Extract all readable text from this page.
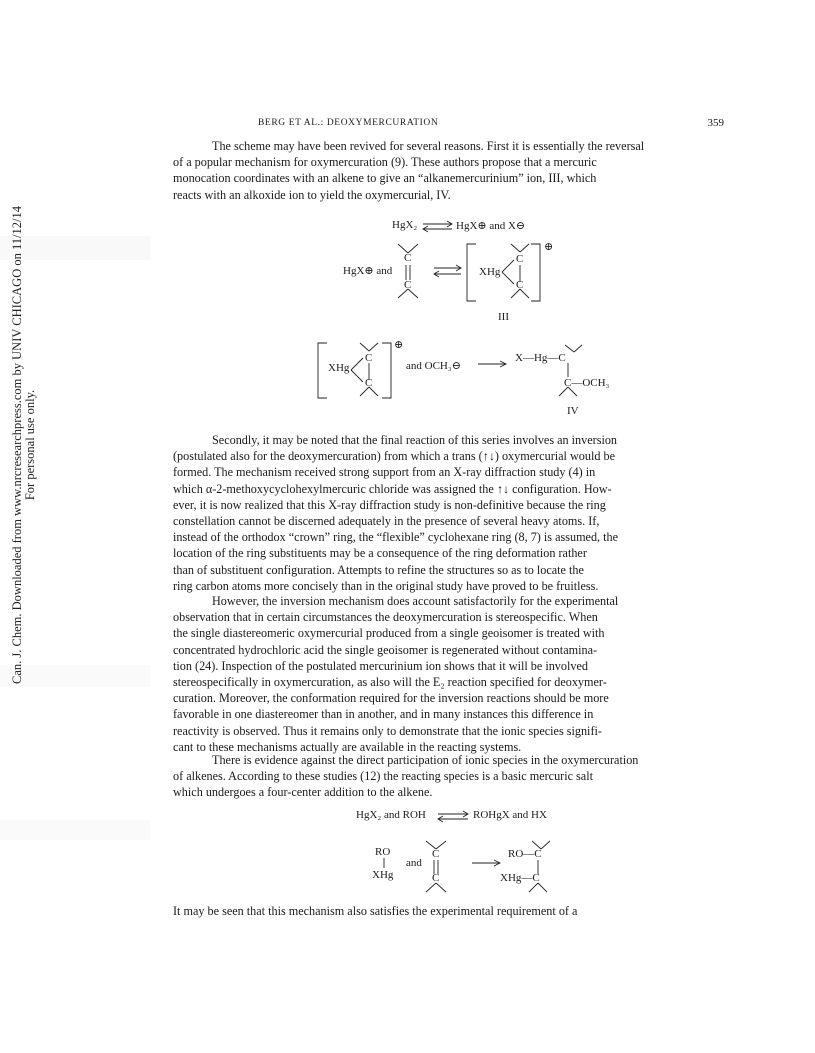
Can. J. Chem. Downloaded from www.nrcresearchpress.com by UNIV CHICAGO on 11/12/14 For personal use only.
BERG ET AL.: DEOXYMERCURATION	359

The scheme may have been revived for several reasons. First it is essentially the reversal

of a popular mechanism for oxymercuration (9). These authors propose that a mercuric

monocation coordinates with an alkene to give an “alkanemercurinium” ion, III, which

reacts with an alkoxide ion to yield the oxymercurial, IV.

HgX₂	HgX⊕ and X⊖
HgX⊕ and
C
C
XHg
C
C
⊕
III
XHg
C
C
⊕
and OCH₃⊖
X—Hg—C
C—OCH₃
IV

Secondly, it may be noted that the final reaction of this series involves an inversion

(postulated also for the deoxymercuration) from which a trans (↑↓) oxymercurial would be

formed. The mechanism received strong support from an X-ray diffraction study (4) in

which α-2-methoxycyclohexylmercuric chloride was assigned the ↑↓ configuration. How-

ever, it is now realized that this X-ray diffraction study is non-definitive because the ring

constellation cannot be discerned adequately in the presence of several heavy atoms. If,

instead of the orthodox “crown” ring, the “flexible” cyclohexane ring (8, 7) is assumed, the

location of the ring substituents may be a consequence of the ring deformation rather

than of substituent configuration. Attempts to refine the structures so as to locate the

ring carbon atoms more concisely than in the original study have proved to be fruitless.

However, the inversion mechanism does account satisfactorily for the experimental

observation that in certain circumstances the deoxymercuration is stereospecific. When

the single diastereomeric oxymercurial produced from a single geoisomer is treated with

concentrated hydrochloric acid the single geoisomer is regenerated without contamina-

tion (24). Inspection of the postulated mercurinium ion shows that it will be involved

stereospecifically in oxymercuration, as also will the E₂ reaction specified for deoxymer-

curation. Moreover, the conformation required for the inversion reactions should be more

favorable in one diastereomer than in another, and in many instances this difference in

reactivity is observed. Thus it remains only to demonstrate that the ionic species signifi-

cant to these mechanisms actually are available in the reacting systems.

There is evidence against the direct participation of ionic species in the oxymercuration

of alkenes. According to these studies (12) the reacting species is a basic mercuric salt

which undergoes a four-center addition to the alkene.

HgX₂ and ROH	ROHgX and HX
RO
and
XHg
C
C
RO—C
XHg—C

It may be seen that this mechanism also satisfies the experimental requirement of a
